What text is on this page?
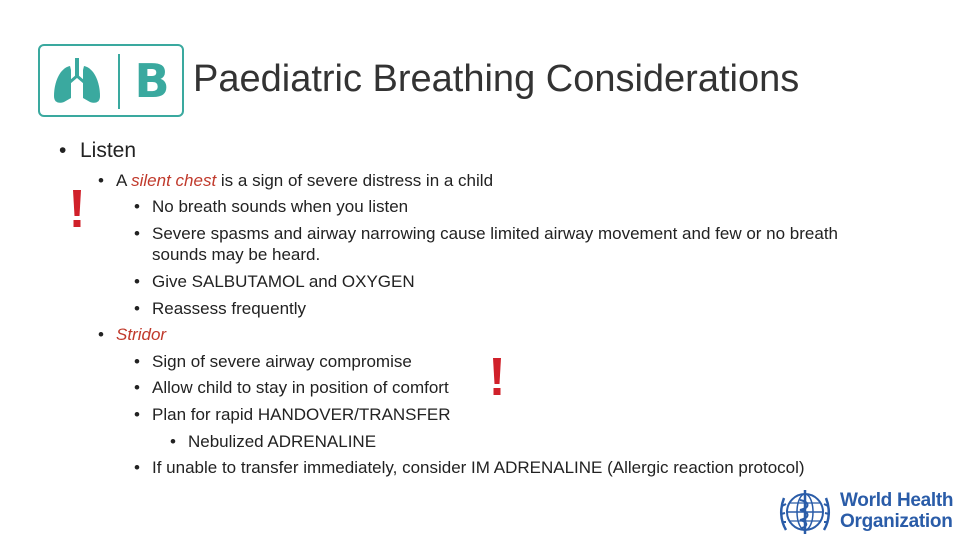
B Paediatric Breathing Considerations
• Listen
• A silent chest is a sign of severe distress in a child
• No breath sounds when you listen
• Severe spasms and airway narrowing cause limited airway movement and few or no breath
sounds may be heard.
• Give SALBUTAMOL and OXYGEN
• Reassess frequently
• Stridor
• Sign of severe airway compromise
• Allow child to stay in position of comfort
• Plan for rapid HANDOVER/TRANSFER
• Nebulized ADRENALINE
• If unable to transfer immediately, consider IM ADRENALINE (Allergic reaction protocol)
World Health
Organization
